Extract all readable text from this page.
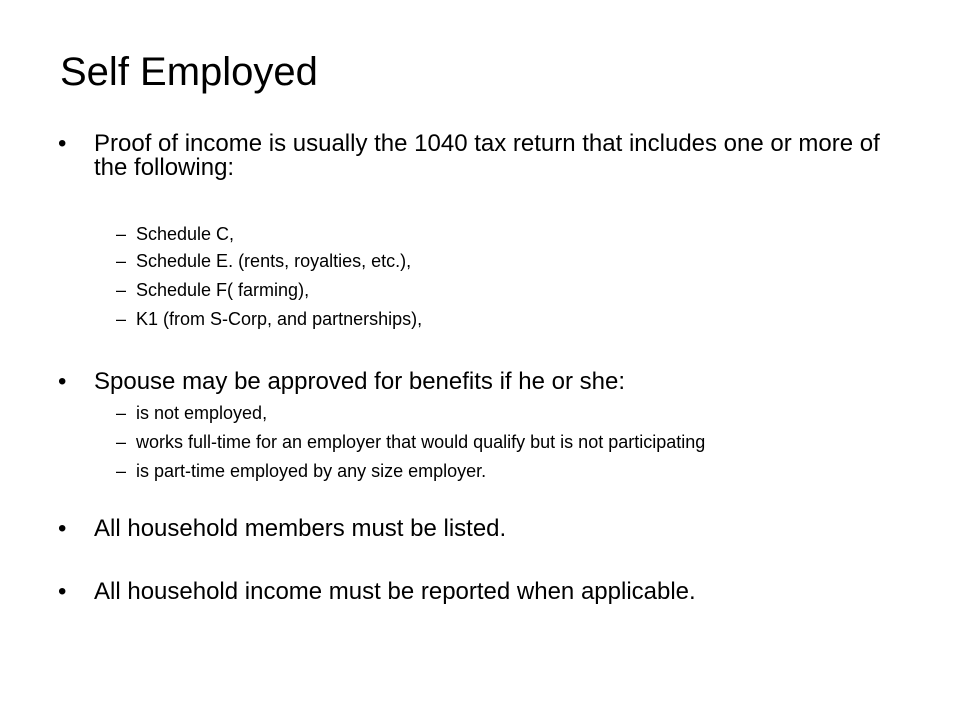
Self Employed
• Proof of income is usually the 1040 tax return that includes one or more of the following:
– Schedule C,
– Schedule E. (rents, royalties, etc.),
– Schedule F( farming),
– K1 (from S-Corp, and partnerships),
• Spouse may be approved for benefits if he or she:
– is not employed,
– works full-time for an employer that would qualify but is not participating
– is part-time employed by any size employer.
• All household members must be listed.
• All household income must be reported when applicable.
